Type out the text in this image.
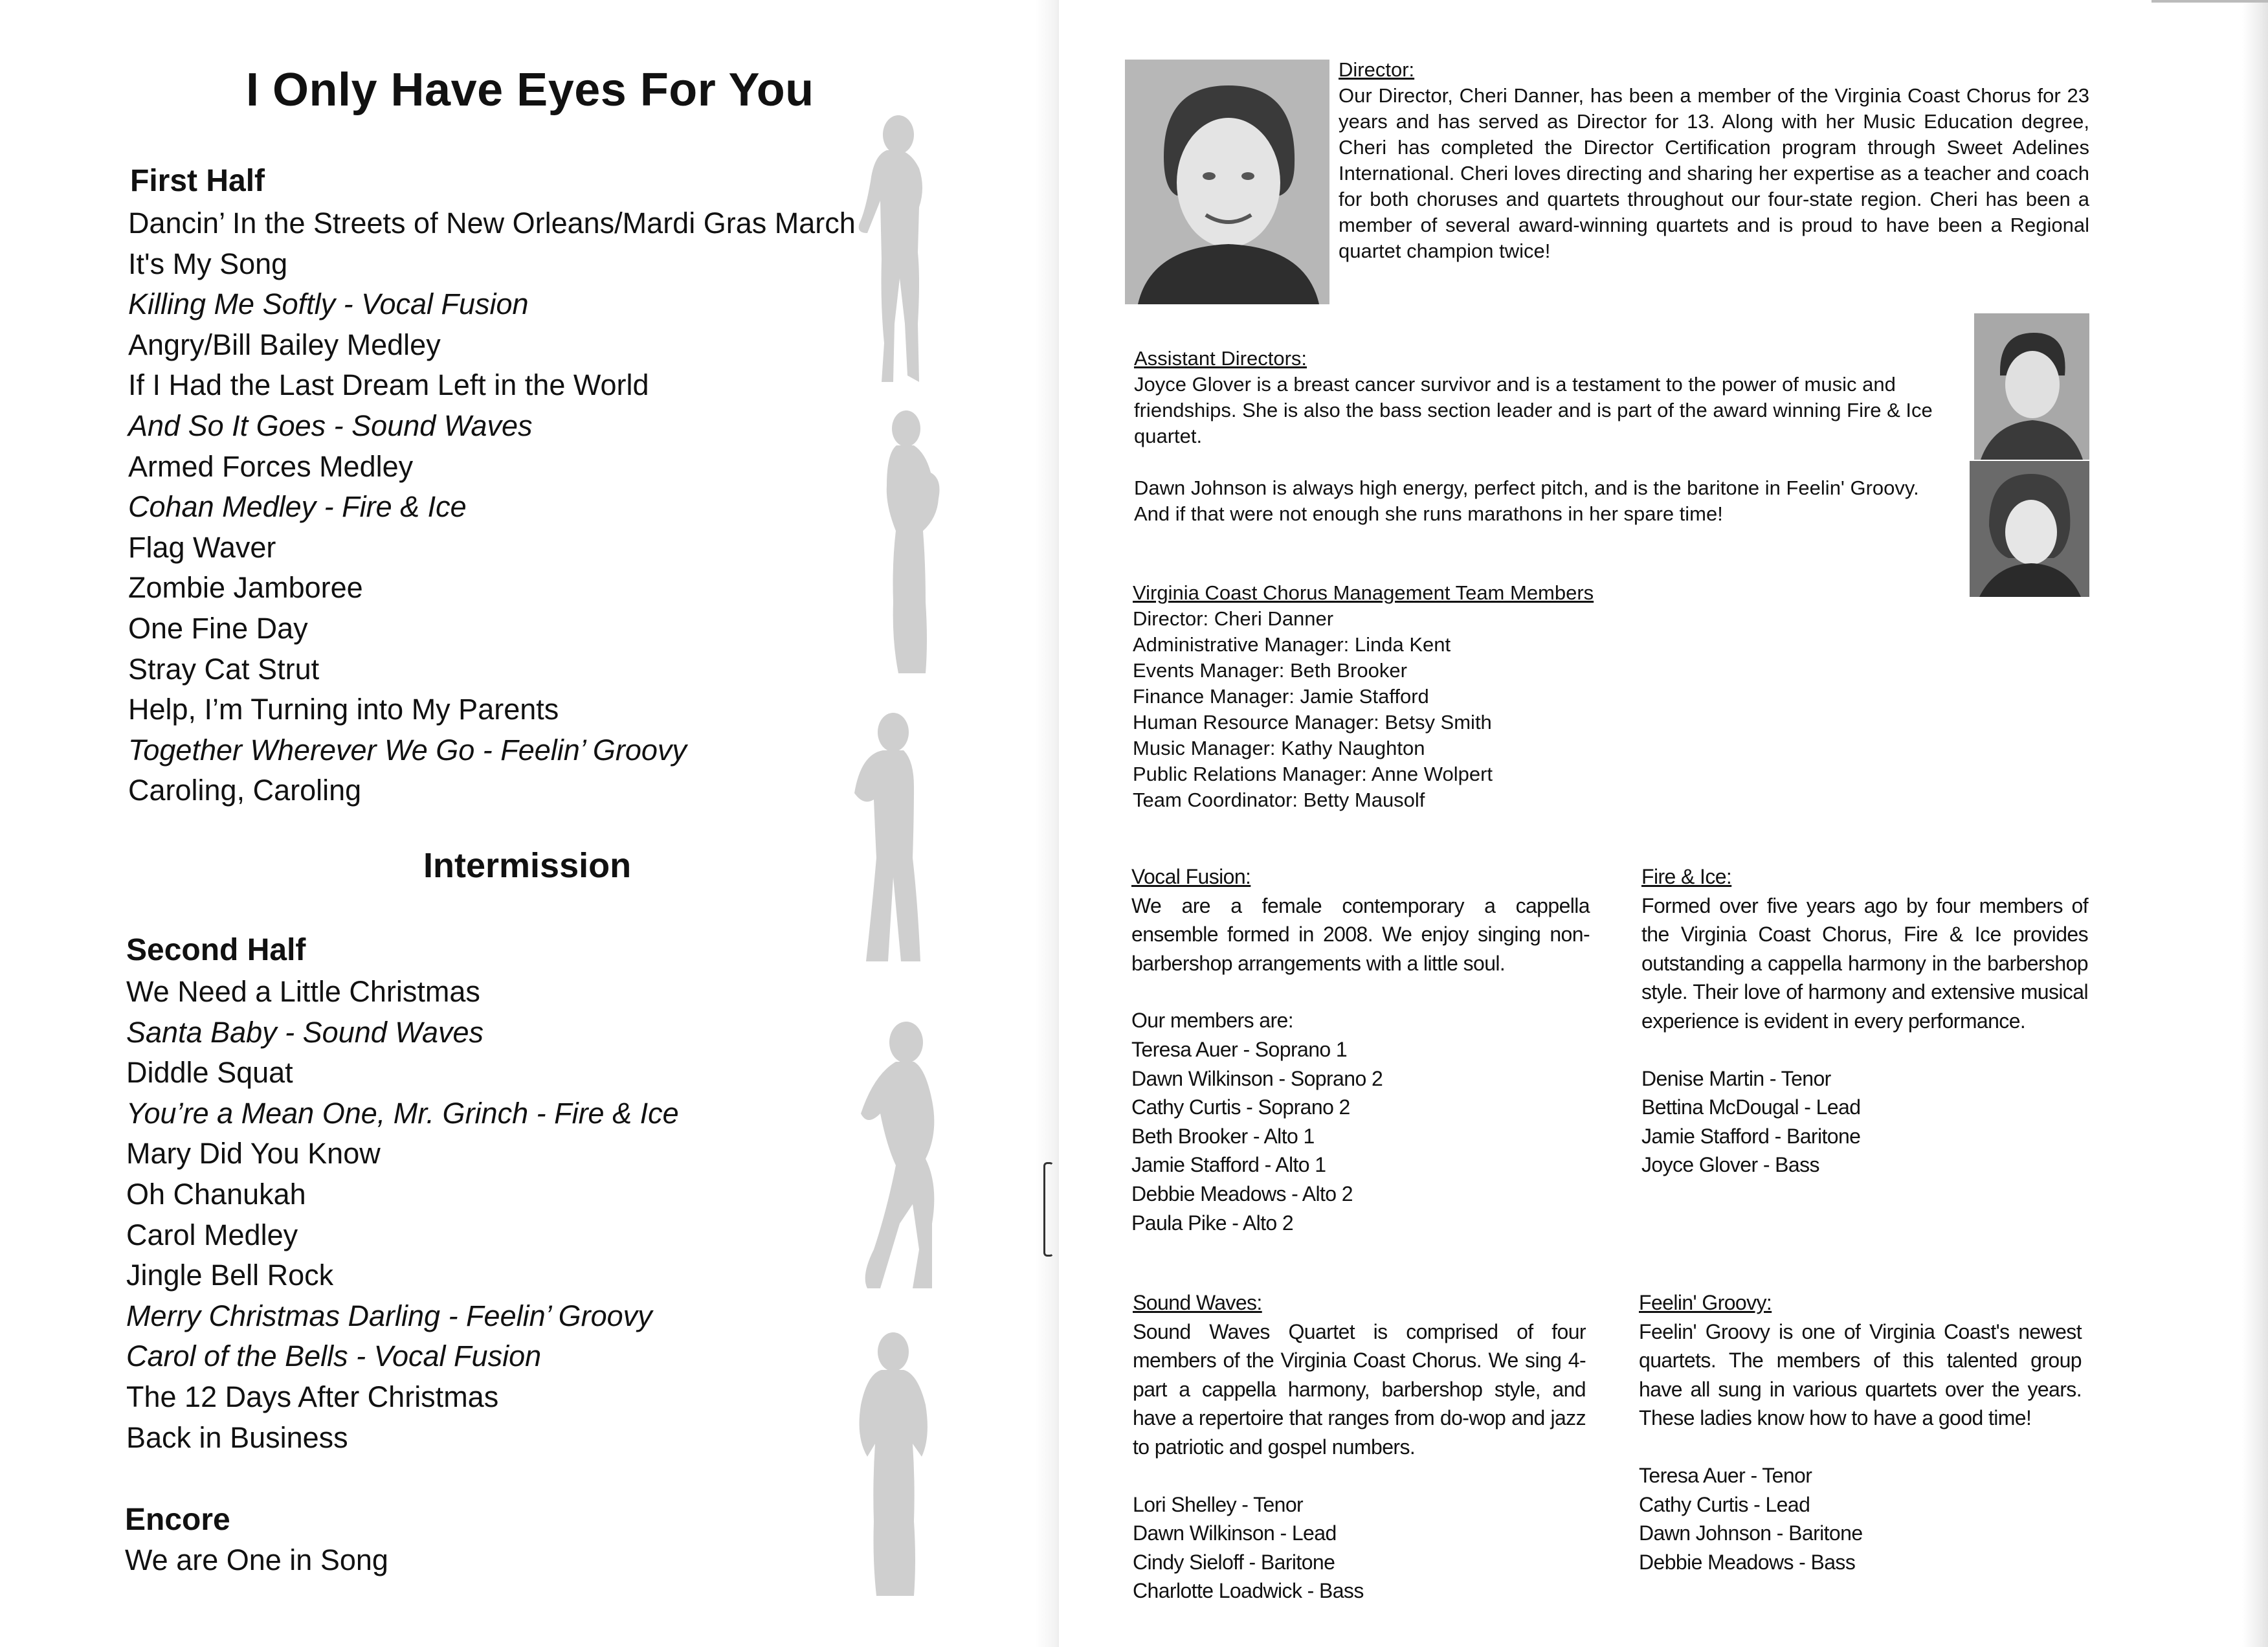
I Only Have Eyes For You
First Half
Dancin’ In the Streets of New Orleans/Mardi Gras March
It's My Song
Killing Me Softly - Vocal Fusion
Angry/Bill Bailey Medley
If I Had the Last Dream Left in the World
And So It Goes - Sound Waves
Armed Forces Medley
Cohan Medley - Fire & Ice
Flag Waver
Zombie Jamboree
One Fine Day
Stray Cat Strut
Help, I’m Turning into My Parents
Together Wherever We Go - Feelin’ Groovy
Caroling, Caroling
Intermission
Second Half
We Need a Little Christmas
Santa Baby - Sound Waves
Diddle Squat
You’re a Mean One, Mr. Grinch - Fire & Ice
Mary Did You Know
Oh Chanukah
Carol Medley
Jingle Bell Rock
Merry Christmas Darling - Feelin’ Groovy
Carol of the Bells - Vocal Fusion
The 12 Days After Christmas
Back in Business
Encore
We are One in Song
Director:
Our Director, Cheri Danner, has been a member of the Virginia Coast Chorus for 23 years and has served as Director for 13. Along with her Music Education degree, Cheri has completed the Director Certification program through Sweet Adelines International. Cheri loves directing and sharing her expertise as a teacher and coach for both choruses and quartets throughout our four-state region. Cheri has been a member of several award-winning quartets and is proud to have been a Regional quartet champion twice!
Assistant Directors:
Joyce Glover is a breast cancer survivor and is a testament to the power of music and friendships. She is also the bass section leader and is part of the award winning Fire & Ice quartet.
Dawn Johnson is always high energy, perfect pitch, and is the baritone in Feelin' Groovy. And if that were not enough she runs marathons in her spare time!
Virginia Coast Chorus Management Team Members
Director: Cheri Danner
Administrative Manager: Linda Kent
Events Manager: Beth Brooker
Finance Manager: Jamie Stafford
Human Resource Manager: Betsy Smith
Music Manager: Kathy Naughton
Public Relations Manager: Anne Wolpert
Team Coordinator: Betty Mausolf

Vocal Fusion:

We are a female contemporary a cappella ensemble formed in 2008. We enjoy singing non-barbershop arrangements with a little soul.

Our members are:

Teresa Auer - Soprano 1
Dawn Wilkinson - Soprano 2
Cathy Curtis - Soprano 2
Beth Brooker - Alto 1
Jamie Stafford - Alto 1
Debbie Meadows - Alto 2
Paula Pike - Alto 2

Fire & Ice:

Formed over five years ago by four members of the Virginia Coast Chorus, Fire & Ice provides outstanding a cappella harmony in the barbershop style. Their love of harmony and extensive musical experience is evident in every performance.

Denise Martin - Tenor
Bettina McDougal - Lead
Jamie Stafford - Baritone
Joyce Glover - Bass

Sound Waves:

Sound Waves Quartet is comprised of four members of the Virginia Coast Chorus. We sing 4-part a cappella harmony, barbershop style, and have a repertoire that ranges from do-wop and jazz to patriotic and gospel numbers.

Lori Shelley - Tenor
Dawn Wilkinson - Lead
Cindy Sieloff - Baritone
Charlotte Loadwick - Bass

Feelin' Groovy:

Feelin' Groovy is one of Virginia Coast's newest quartets. The members of this talented group have all sung in various quartets over the years. These ladies know how to have a good time!

Teresa Auer - Tenor
Cathy Curtis - Lead
Dawn Johnson - Baritone
Debbie Meadows - Bass
